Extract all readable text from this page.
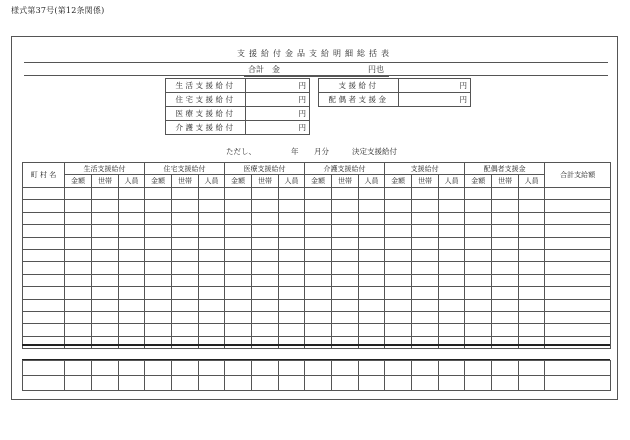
様式第37号(第12条関係)
支援給付金品支給明細総括表
合計　金	円也
生活支援給付	円
住宅支援給付	円
医療支援給付	円
介護支援給付	円
支援給付	円
配偶者支援金	円
ただし、	年 月分	決定支援給付
町 村 名	生活支援給付			住宅支援給付			医療支援給付			介護支援給付			支援給付			配偶者支援金			合計支給額
	金額	世帯	人員	金額	世帯	人員	金額	世帯	人員	金額	世帯	人員	金額	世帯	人員	金額	世帯	人員	
